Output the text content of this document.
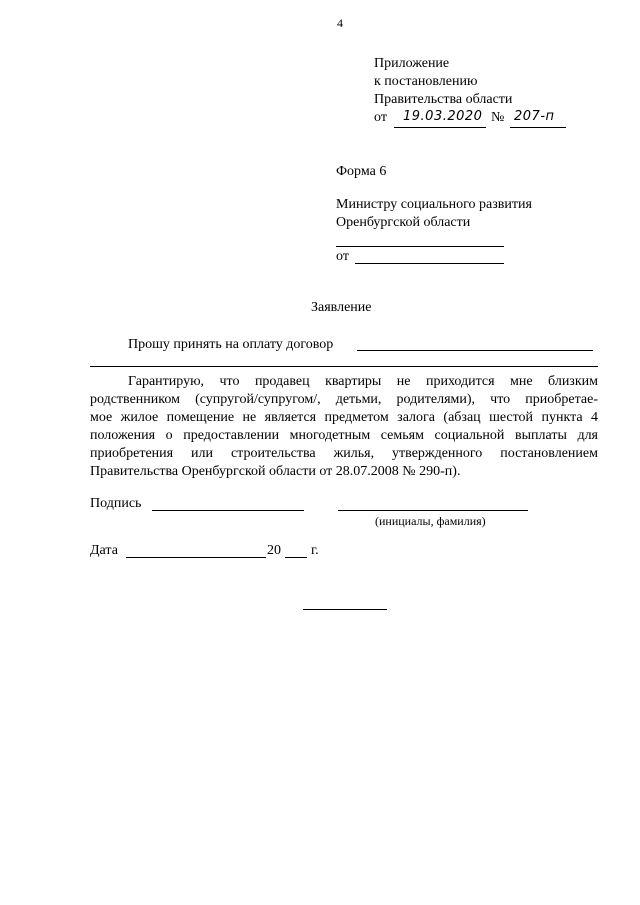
4
Приложение
к постановлению
Правительства области
от 19.03.2020 № 207-п
Форма 6
Министру социального развития
Оренбургской области
от
Заявление
Прошу принять на оплату договор
Гарантирую, что продавец квартиры не приходится мне близким
родственником (супругой/супругом/, детьми, родителями), что приобретае-
мое жилое помещение не является предметом залога (абзац шестой пункта 4
положения о предоставлении многодетным семьям социальной выплаты для
приобретения или строительства жилья, утвержденного постановлением
Правительства Оренбургской области от 28.07.2008 № 290-п).
Подпись
(инициалы, фамилия)
Дата	20 г.
